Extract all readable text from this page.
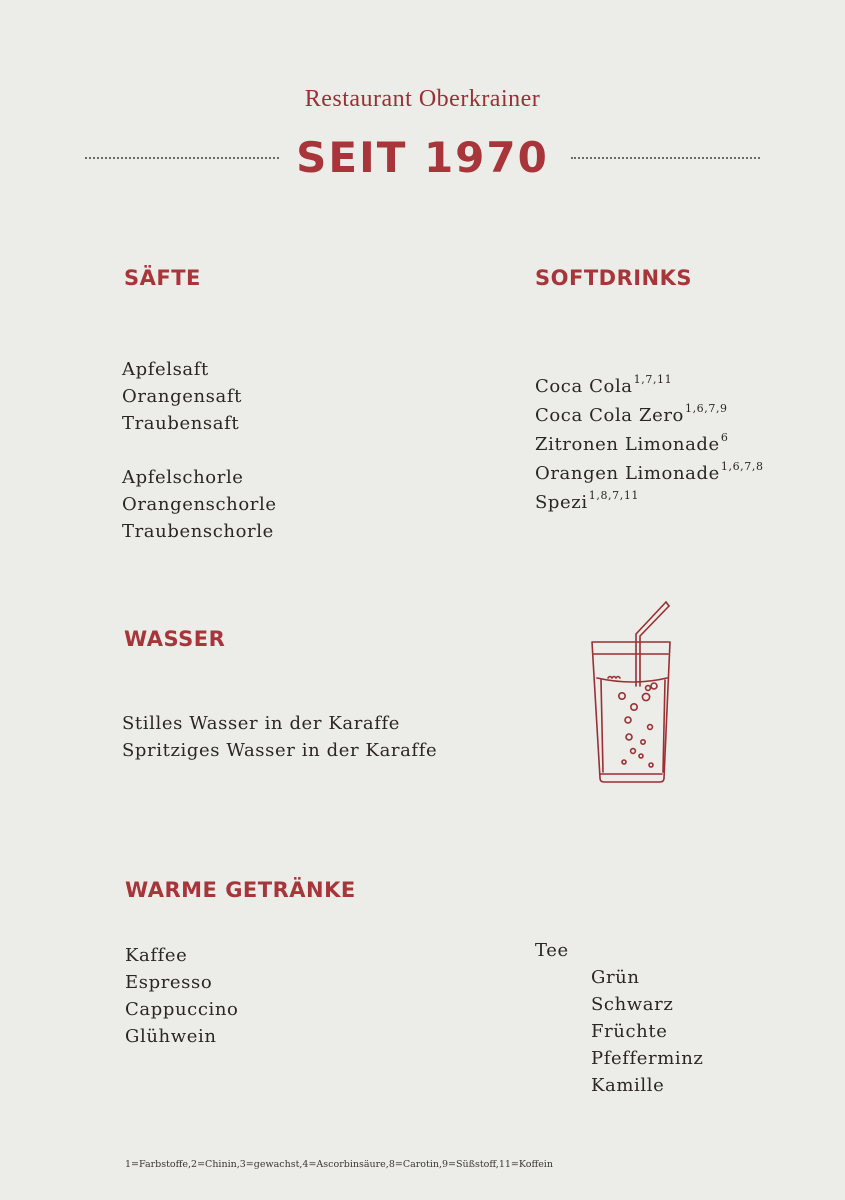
Restaurant Oberkrainer
SEIT 1970
SÄFTE
Apfelsaft
Orangensaft
Traubensaft
Apfelschorle
Orangenschorle
Traubenschorle
SOFTDRINKS
Coca Cola$^{1,7,11}$
Coca Cola Zero$^{1,6,7,9}$
Zitronen Limonade$^6$
Orangen Limonade$^{1,6,7,8}$
Spezi$^{1,8,7,11}$
WASSER
Stilles Wasser in der Karaffe
Spritziges Wasser in der Karaffe
WARME GETRÄNKE
Kaffee
Espresso
Cappuccino
Glühwein
Tee
Grün
Schwarz
Früchte
Pfefferminz
Kamille
1=Farbstoffe,2=Chinin,3=gewachst,4=Ascorbinsäure,8=Carotin,9=Süßstoff,11=Koffein
